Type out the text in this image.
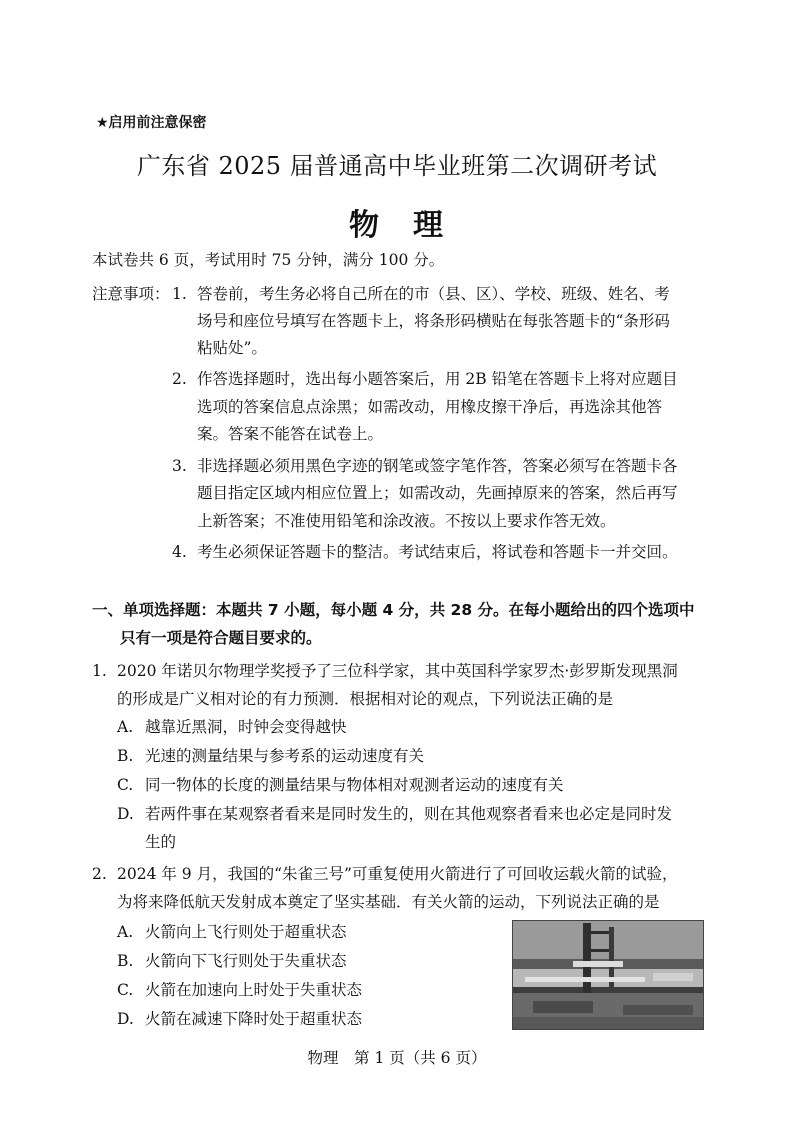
★启用前注意保密
广东省 2025 届普通高中毕业班第二次调研考试
物　理
本试卷共 6 页，考试用时 75 分钟，满分 100 分。
注意事项： 1. 答卷前，考生务必将自己所在的市（县、区）、学校、班级、姓名、考
场号和座位号填写在答题卡上，将条形码横贴在每张答题卡的“条形码
粘贴处”。
2. 作答选择题时，选出每小题答案后，用 2B 铅笔在答题卡上将对应题目
选项的答案信息点涂黑；如需改动，用橡皮擦干净后，再选涂其他答
案。答案不能答在试卷上。
3. 非选择题必须用黑色字迹的钢笔或签字笔作答，答案必须写在答题卡各
题目指定区域内相应位置上；如需改动，先画掉原来的答案，然后再写
上新答案；不准使用铅笔和涂改液。不按以上要求作答无效。
4. 考生必须保证答题卡的整洁。考试结束后，将试卷和答题卡一并交回。
一、单项选择题：本题共 7 小题，每小题 4 分，共 28 分。在每小题给出的四个选项中
只有一项是符合题目要求的。
1. 2020 年诺贝尔物理学奖授予了三位科学家，其中英国科学家罗杰·彭罗斯发现黑洞
的形成是广义相对论的有力预测．根据相对论的观点，下列说法正确的是
A. 越靠近黑洞，时钟会变得越快
B. 光速的测量结果与参考系的运动速度有关
C. 同一物体的长度的测量结果与物体相对观测者运动的速度有关
D. 若两件事在某观察者看来是同时发生的，则在其他观察者看来也必定是同时发
生的
2. 2024 年 9 月，我国的“朱雀三号”可重复使用火箭进行了可回收运载火箭的试验，
为将来降低航天发射成本奠定了坚实基础．有关火箭的运动，下列说法正确的是
A. 火箭向上飞行则处于超重状态
B. 火箭向下飞行则处于失重状态
C. 火箭在加速向上时处于失重状态
D. 火箭在减速下降时处于超重状态
物理　第 1 页（共 6 页）
